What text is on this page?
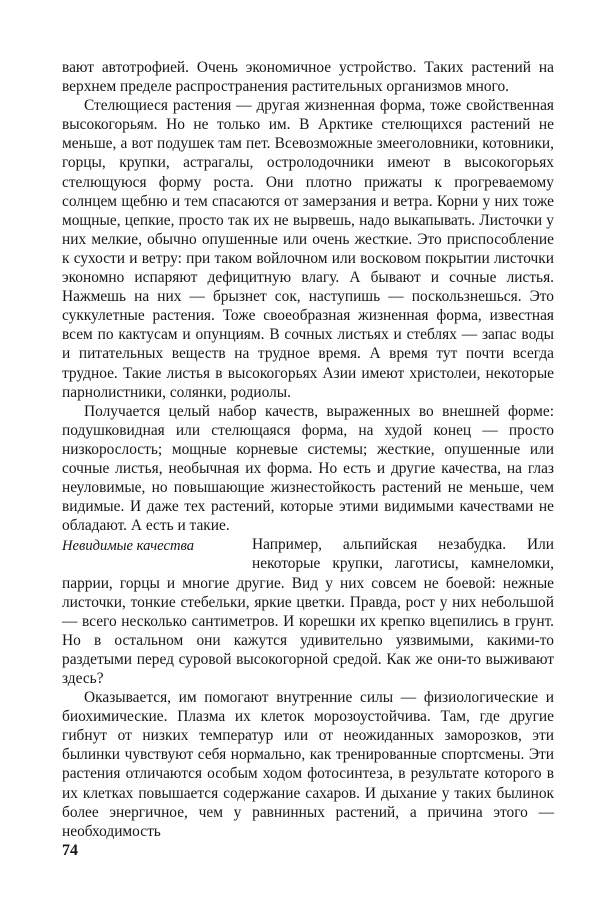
вают автотрофией. Очень экономичное устройство. Таких растений на верхнем пределе распространения растительных организмов много.

Стелющиеся растения — другая жизненная форма, тоже свойственная высокогорьям. Но не только им. В Арктике стелющихся растений не меньше, а вот подушек там пет. Всевозможные змееголовники, котовники, горцы, крупки, астрагалы, остролодочники имеют в высокогорьях стелющуюся форму роста. Они плотно прижаты к прогреваемому солнцем щебню и тем спасаются от замерзания и ветра. Корни у них тоже мощные, цепкие, просто так их не вырвешь, надо выкапывать. Листочки у них мелкие, обычно опушенные или очень жесткие. Это приспособление к сухости и ветру: при таком войлочном или восковом покрытии листочки экономно испаряют дефицитную влагу. А бывают и сочные листья. Нажмешь на них — брызнет сок, наступишь — поскользнешься. Это суккулетные растения. Тоже своеобразная жизненная форма, известная всем по кактусам и опунциям. В сочных листьях и стеблях — запас воды и питательных веществ на трудное время. А время тут почти всегда трудное. Такие листья в высокогорьях Азии имеют христолеи, некоторые парнолистники, солянки, родиолы.

Получается целый набор качеств, выраженных во внешней форме: подушковидная или стелющаяся форма, на худой конец — просто низкорослость; мощные корневые системы; жесткие, опушенные или сочные листья, необычная их форма. Но есть и другие качества, на глаз неуловимые, но повышающие жизнестойкость растений не меньше, чем видимые. И даже тех растений, которые этими видимыми качествами не обладают. А есть и такие.

Невидимые качества	Например, альпийская незабудка. Или некоторые крупки, лаготисы, камнеломки, паррии, горцы и многие другие. Вид у них совсем не боевой: нежные листочки, тонкие стебельки, яркие цветки. Правда, рост у них небольшой — всего несколько сантиметров. И корешки их крепко вцепились в грунт. Но в остальном они кажутся удивительно уязвимыми, какими-то раздетыми перед суровой высокогорной средой. Как же они-то выживают здесь?

Оказывается, им помогают внутренние силы — физиологические и биохимические. Плазма их клеток морозоустойчива. Там, где другие гибнут от низких температур или от неожиданных заморозков, эти былинки чувствуют себя нормально, как тренированные спортсмены. Эти растения отличаются особым ходом фотосинтеза, в результате которого в их клетках повышается содержание сахаров. И дыхание у таких былинок более энергичное, чем у равнинных растений, а причина этого — необходимость

74
